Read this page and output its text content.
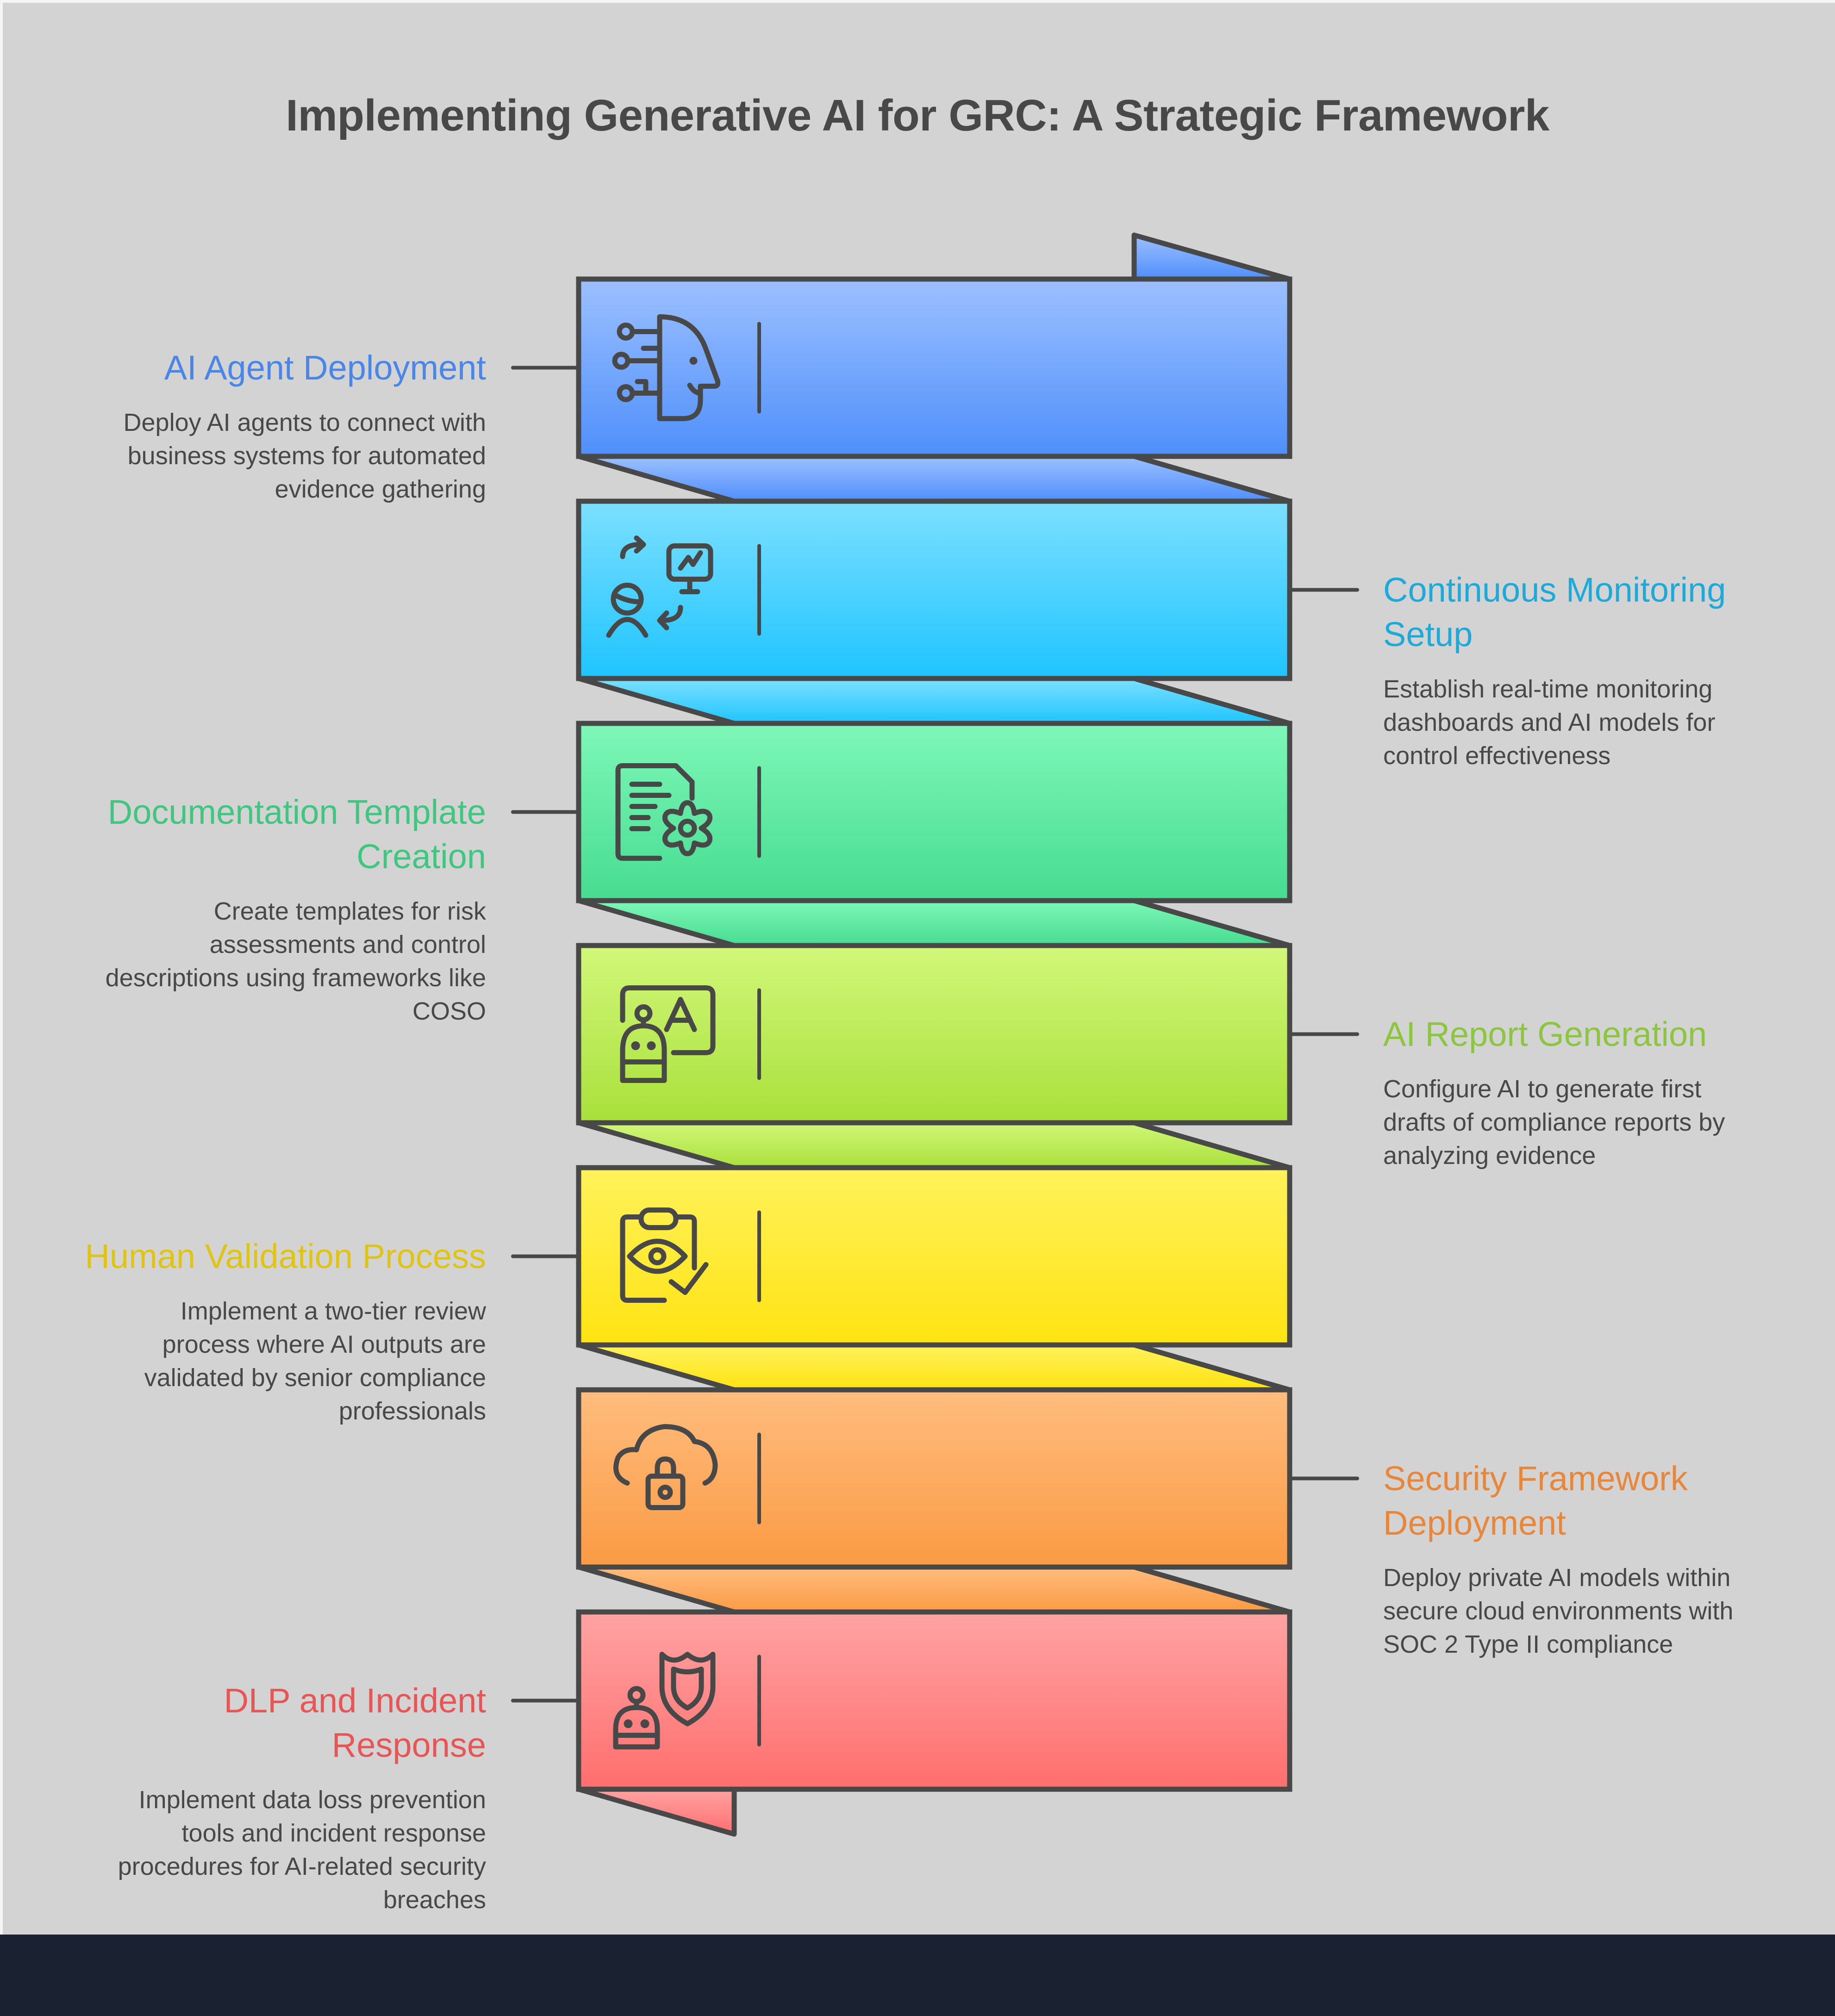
Implementing Generative AI for GRC: A Strategic Framework
AI Agent Deployment
Deploy AI agents to connect with
business systems for automated
evidence gathering
Continuous Monitoring
Setup
Establish real-time monitoring
dashboards and AI models for
control effectiveness
Documentation Template
Creation
Create templates for risk
assessments and control
descriptions using frameworks like
COSO
AI Report Generation
Configure AI to generate first
drafts of compliance reports by
analyzing evidence
Human Validation Process
Implement a two-tier review
process where AI outputs are
validated by senior compliance
professionals
Security Framework
Deployment
Deploy private AI models within
secure cloud environments with
SOC 2 Type II compliance
DLP and Incident
Response
Implement data loss prevention
tools and incident response
procedures for AI-related security
breaches
